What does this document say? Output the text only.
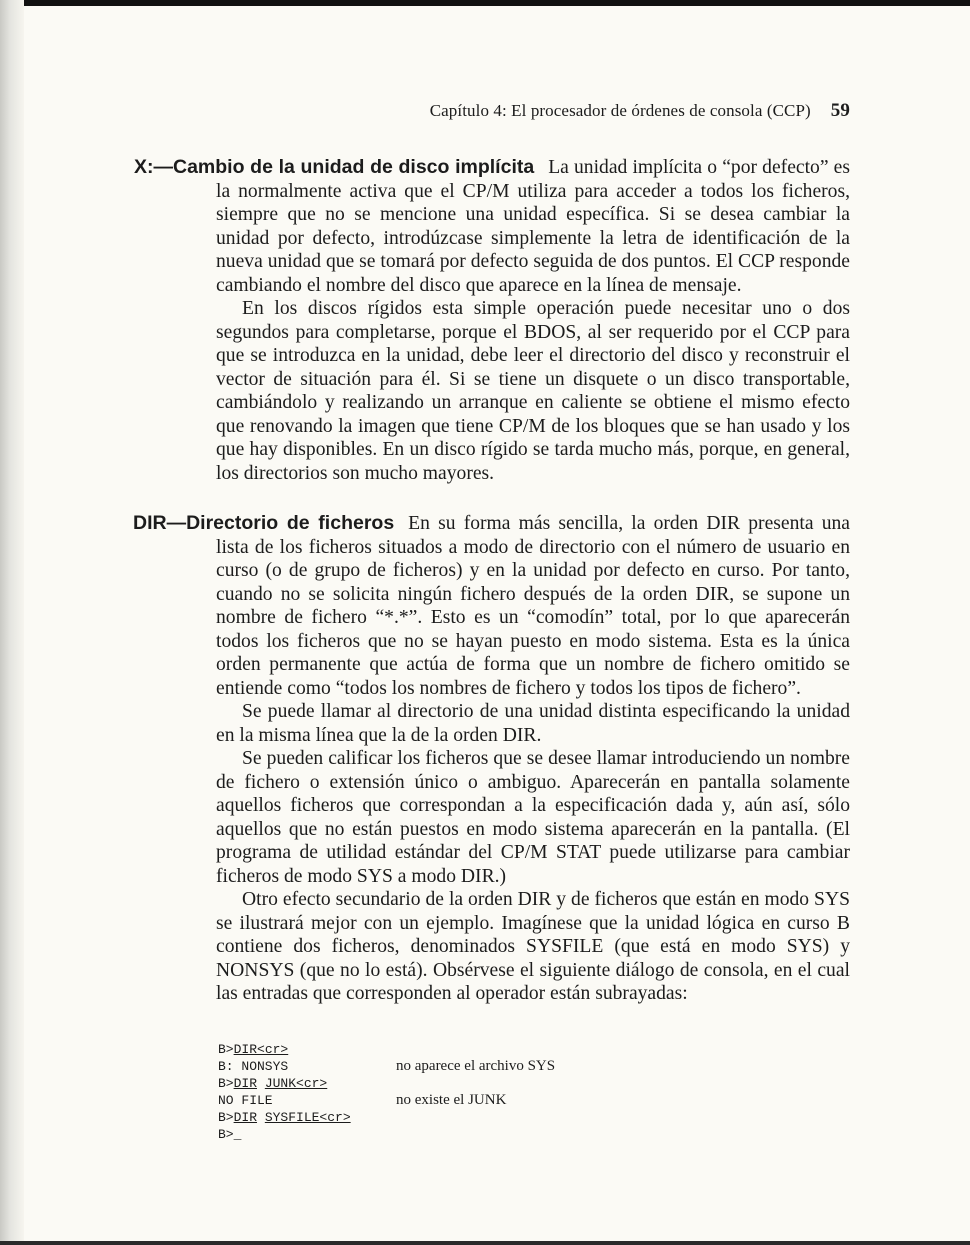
Capítulo 4: El procesador de órdenes de consola (CCP) 59

X:—Cambio de la unidad de disco implícita La unidad implícita o “por defecto” es la normalmente activa que el CP/M utiliza para acceder a todos los ficheros, siempre que no se mencione una unidad específica. Si se desea cambiar la unidad por defecto, introdúzcase simplemente la letra de identificación de la nueva unidad que se tomará por defecto seguida de dos puntos. El CCP responde cambiando el nombre del disco que aparece en la línea de mensaje.

En los discos rígidos esta simple operación puede necesitar uno o dos segundos para completarse, porque el BDOS, al ser requerido por el CCP para que se introduzca en la unidad, debe leer el directorio del disco y reconstruir el vector de situación para él. Si se tiene un disquete o un disco transportable, cambiándolo y realizando un arranque en caliente se obtiene el mismo efecto que renovando la imagen que tiene CP/M de los bloques que se han usado y los que hay disponibles. En un disco rígido se tarda mucho más, porque, en general, los directorios son mucho mayores.

DIR—Directorio de ficheros En su forma más sencilla, la orden DIR presenta una lista de los ficheros situados a modo de directorio con el número de usuario en curso (o de grupo de ficheros) y en la unidad por defecto en curso. Por tanto, cuando no se solicita ningún fichero después de la orden DIR, se supone un nombre de fichero “*.*”. Esto es un “comodín” total, por lo que aparecerán todos los ficheros que no se hayan puesto en modo sistema. Esta es la única orden permanente que actúa de forma que un nombre de fichero omitido se entiende como “todos los nombres de fichero y todos los tipos de fichero”.

Se puede llamar al directorio de una unidad distinta especificando la unidad en la misma línea que la de la orden DIR.

Se pueden calificar los ficheros que se desee llamar introduciendo un nombre de fichero o extensión único o ambiguo. Aparecerán en pantalla solamente aquellos ficheros que correspondan a la especificación dada y, aún así, sólo aquellos que no están puestos en modo sistema aparecerán en la pantalla. (El programa de utilidad estándar del CP/M STAT puede utilizarse para cambiar ficheros de modo SYS a modo DIR.)

Otro efecto secundario de la orden DIR y de ficheros que están en modo SYS se ilustrará mejor con un ejemplo. Imagínese que la unidad lógica en curso B contiene dos ficheros, denominados SYSFILE (que está en modo SYS) y NONSYS (que no lo está). Obsérvese el siguiente diálogo de consola, en el cual las entradas que corresponden al operador están subrayadas:

B>DIR<cr>
B: NONSYS	no aparece el archivo SYS
B>DIR JUNK<cr>
NO FILE	no existe el JUNK
B>DIR SYSFILE<cr>
B>_
